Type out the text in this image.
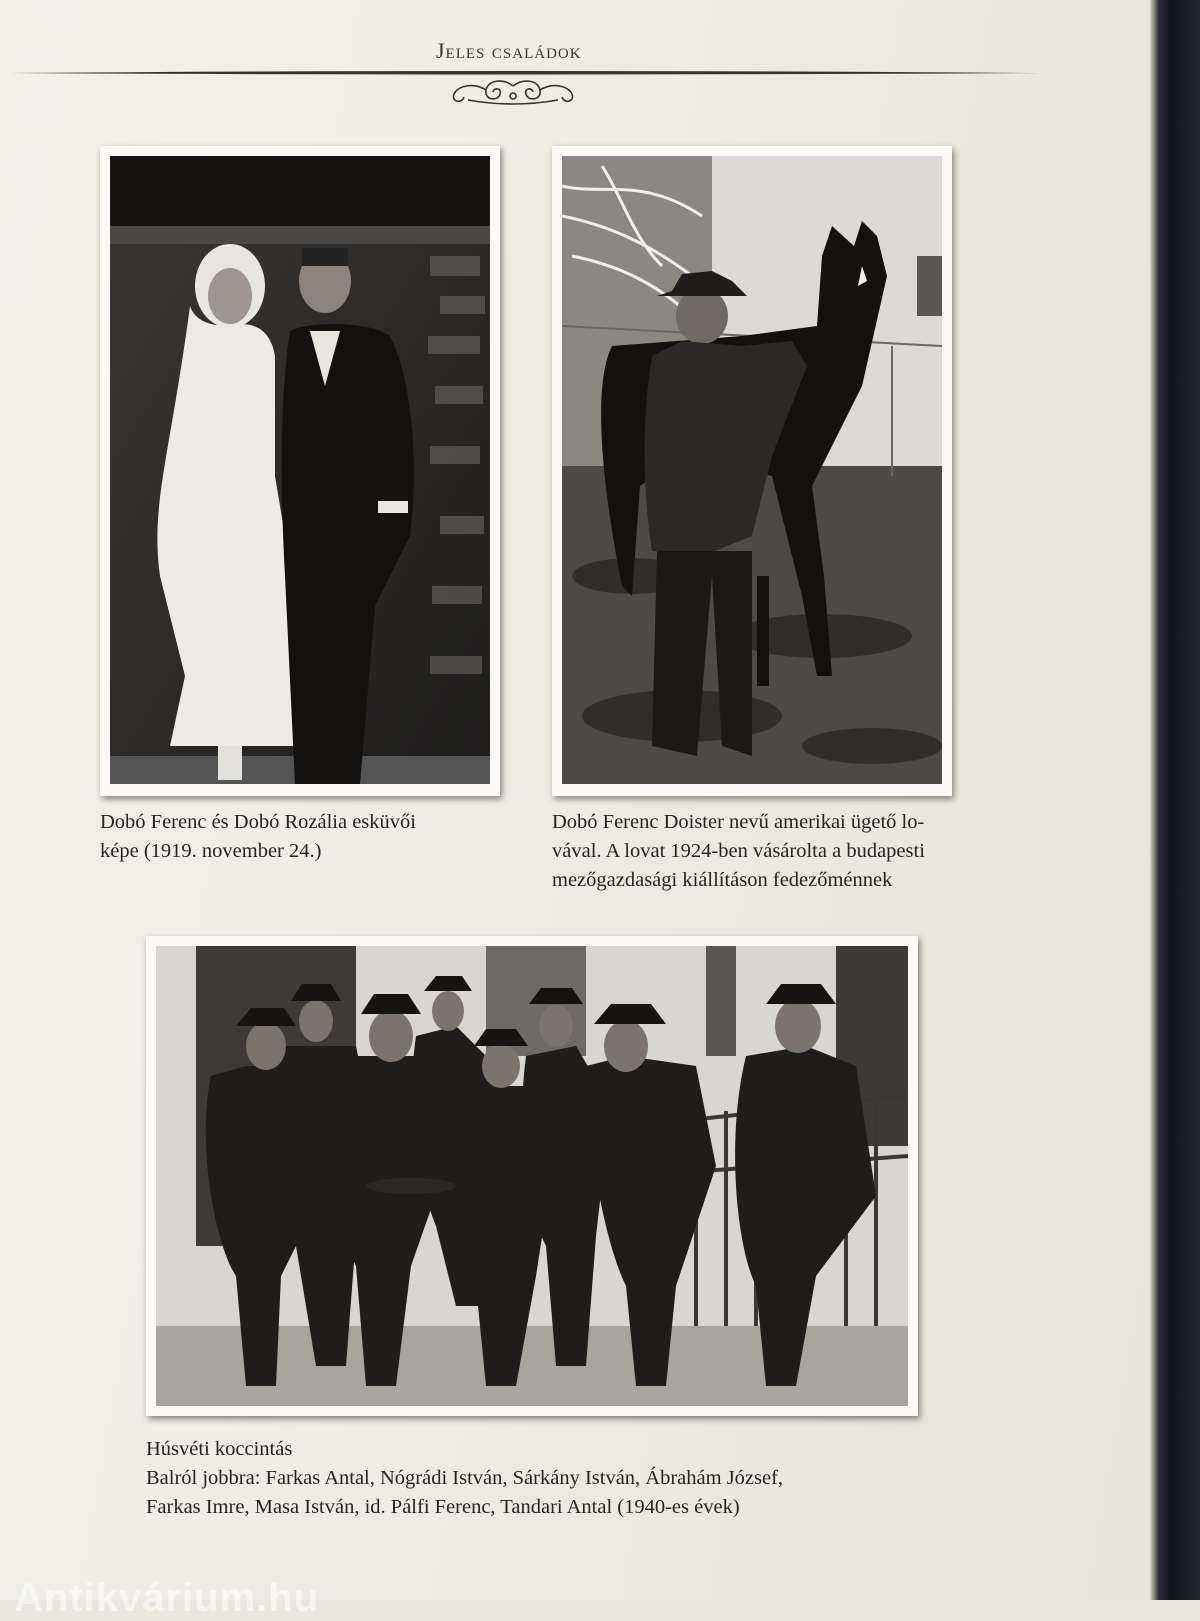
Jeles családok
Dobó Ferenc és Dobó Rozália esküvői
képe (1919. november 24.)
Dobó Ferenc Doister nevű amerikai ügető lo-
vával. A lovat 1924-ben vásárolta a budapesti
mezőgazdasági kiállításon fedezőménnek
Húsvéti koccintás
Balról jobbra: Farkas Antal, Nógrádi István, Sárkány István, Ábrahám József,
Farkas Imre, Masa István, id. Pálfi Ferenc, Tandari Antal (1940-es évek)
Antikvárium.hu
